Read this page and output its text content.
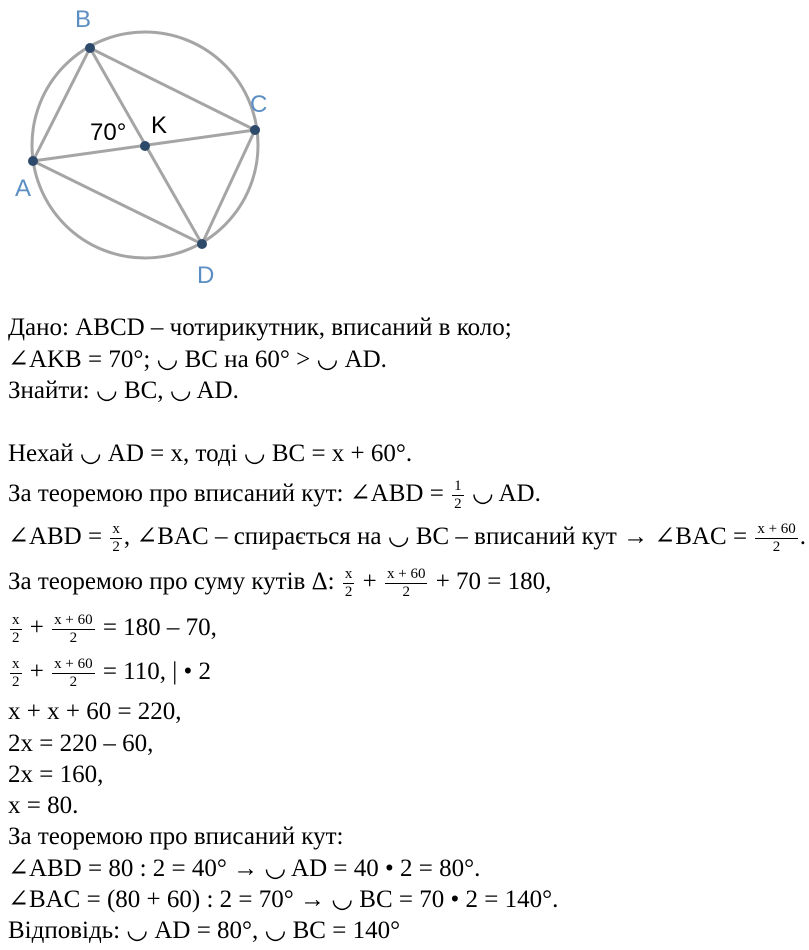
B
C
A
D
K
70°
Дано: ABCD – чотирикутник, вписаний в коло;
∠AKB = 70°; ◡ BC на 60° > ◡ AD.
Знайти: ◡ BC, ◡ AD.
Нехай ◡ AD = x, тоді ◡ BC = x + 60°.
За теоремою про вписаний кут: ∠ABD = $\frac{1}{2}$ ◡ AD.
∠ABD = $\frac{x}{2}$ , ∠BAC – спирається на ◡ BC – вписаний кут → ∠BAC = $\frac{x + 60}{2}$ .
За теоремою про суму кутів Δ: $\frac{x}{2} + \frac{x + 60}{2} + 70 = 180$,
$\frac{x}{2} + \frac{x + 60}{2} = 180 - 70$,
$\frac{x}{2} + \frac{x + 60}{2} = 110$, | • 2
x + x + 60 = 220,
2x = 220 – 60,
2x = 160,
x = 80.
За теоремою про вписаний кут:
∠ABD = 80 : 2 = 40° → ◡ AD = 40 • 2 = 80°.
∠BAC = (80 + 60) : 2 = 70° → ◡ BC = 70 • 2 = 140°.
Відповідь: ◡ AD = 80°, ◡ BC = 140°
